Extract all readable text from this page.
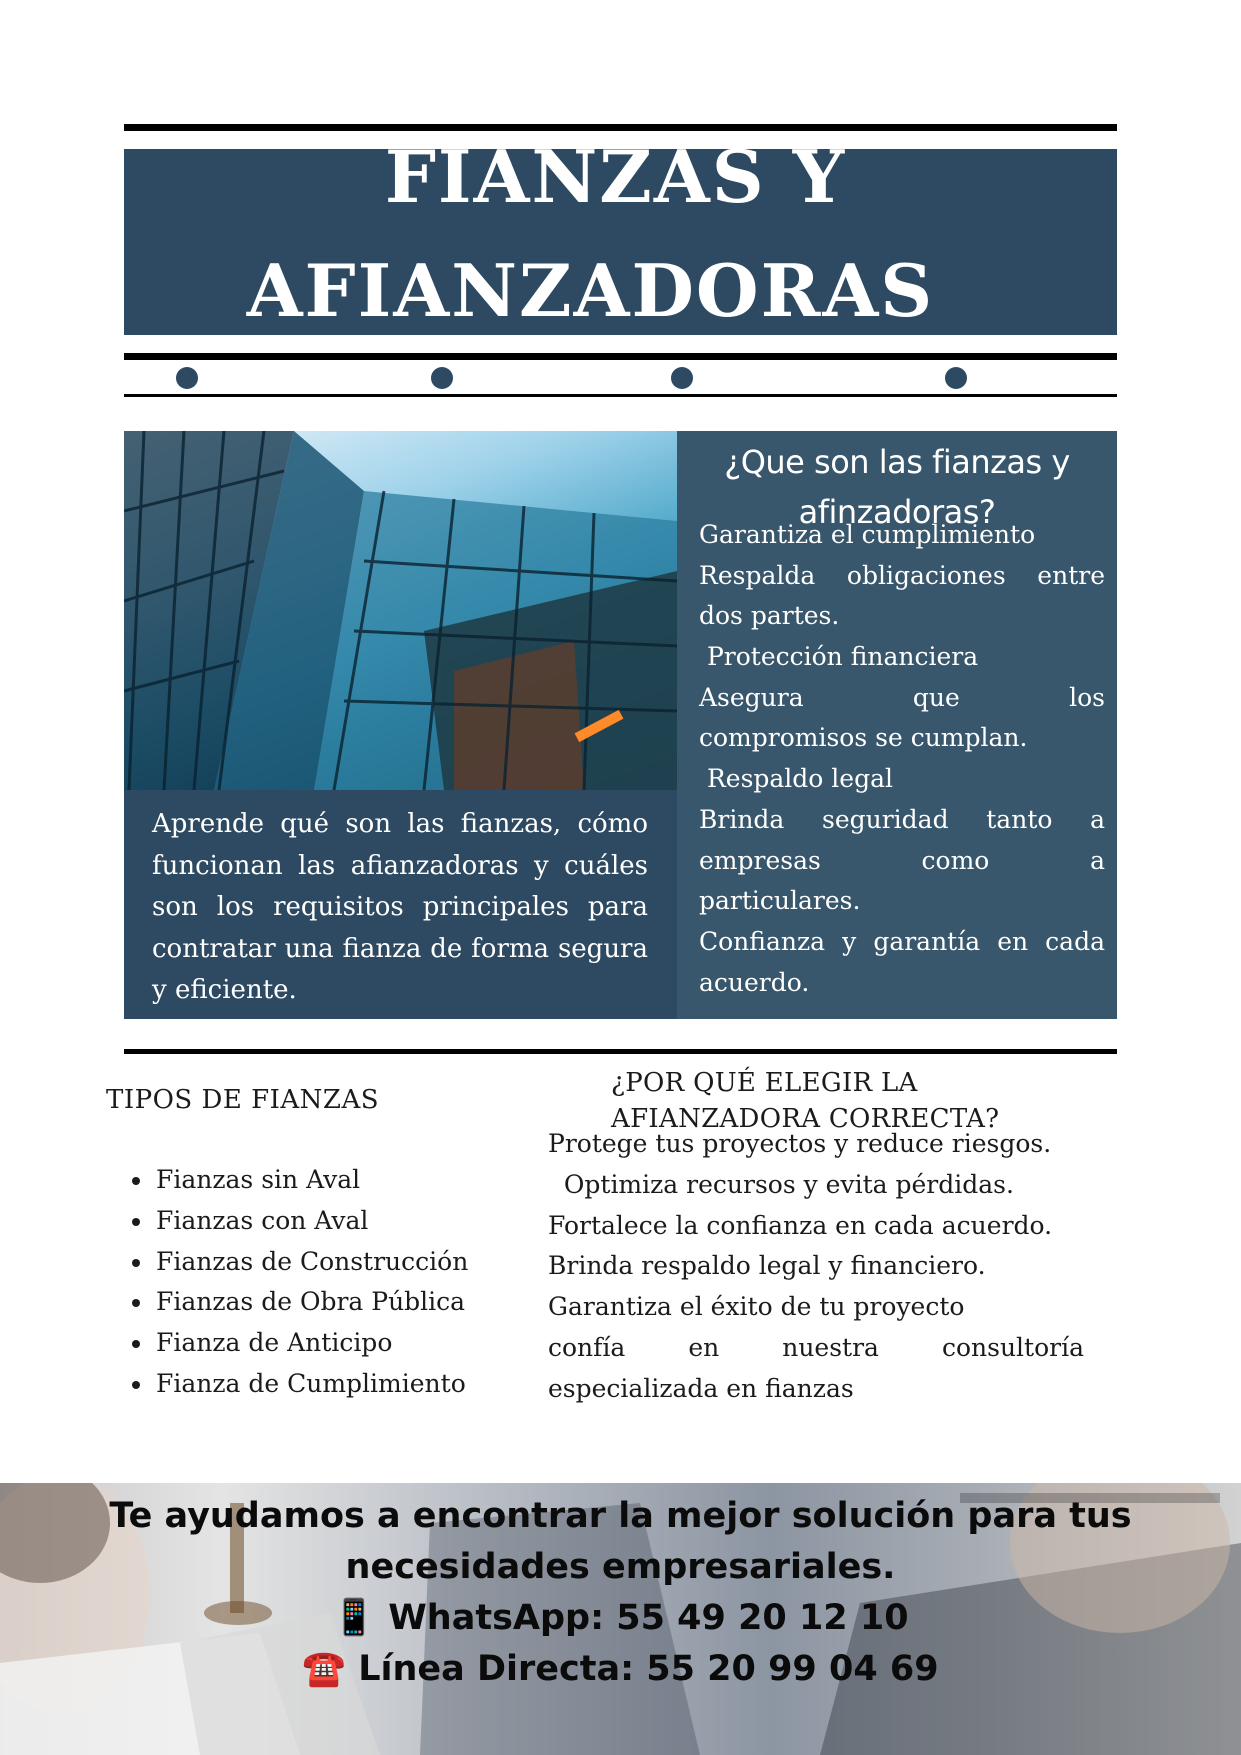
FIANZAS Y
AFIANZADORAS

Aprende qué son las fianzas, cómo funcionan las afianzadoras y cuáles son los requisitos principales para contratar una fianza de forma segura y eficiente.

¿Que son las fianzas y
afinzadoras?
Garantiza el cumplimiento
Respalda obligaciones entre
dos partes.
Protección financiera
Asegura que los
compromisos se cumplan.
Respaldo legal
Brinda seguridad tanto a
empresas como a
particulares.
Confianza y garantía en cada
acuerdo.
TIPOS DE FIANZAS
• Fianzas sin Aval
• Fianzas con Aval
• Fianzas de Construcción
• Fianzas de Obra Pública
• Fianza de Anticipo
• Fianza de Cumplimiento
¿POR QUÉ ELEGIR LA
AFIANZADORA CORRECTA?
Protege tus proyectos y reduce riesgos.
Optimiza recursos y evita pérdidas.
Fortalece la confianza en cada acuerdo.
Brinda respaldo legal y financiero.
Garantiza el éxito de tu proyecto
confía en nuestra consultoría
especializada en fianzas
Te ayudamos a encontrar la mejor solución para tus
necesidades empresariales.
📱 WhatsApp: 55 49 20 12 10
☎️ Línea Directa: 55 20 99 04 69
